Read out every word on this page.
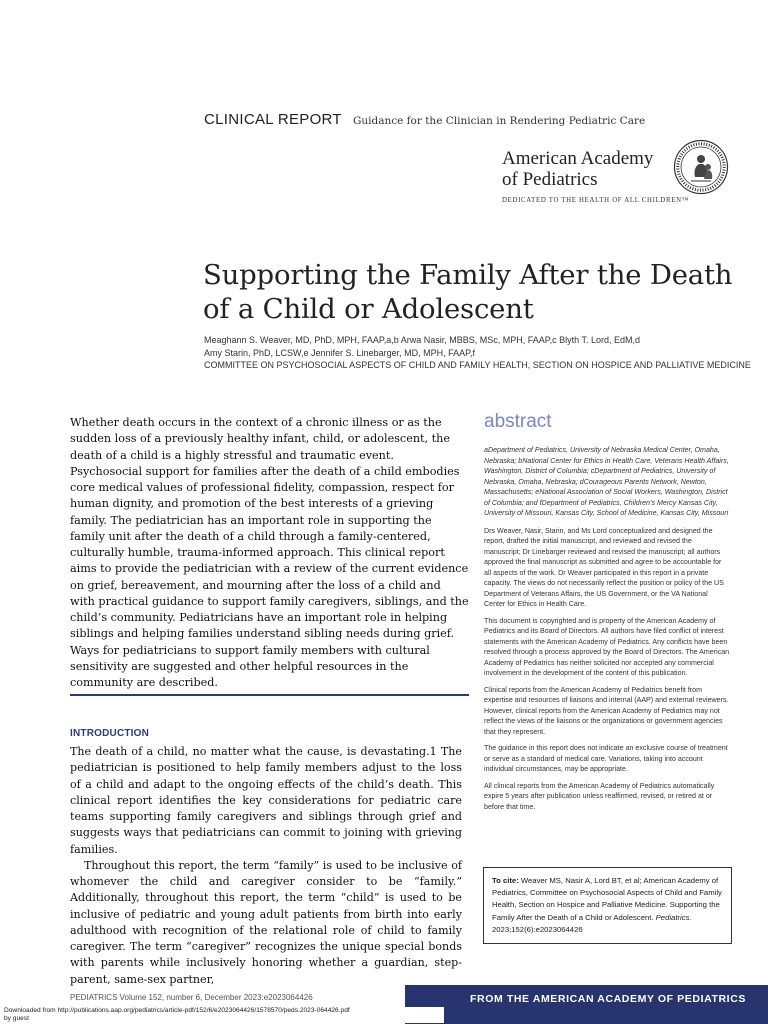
CLINICAL REPORT Guidance for the Clinician in Rendering Pediatric Care
American Academy
of Pediatrics
DEDICATED TO THE HEALTH OF ALL CHILDREN™
Supporting the Family After the Death of a Child or Adolescent

Meaghann S. Weaver, MD, PhD, MPH, FAAP,a,b Arwa Nasir, MBBS, MSc, MPH, FAAP,c Blyth T. Lord, EdM,d

Amy Starin, PhD, LCSW,e Jennifer S. Linebarger, MD, MPH, FAAP,f

COMMITTEE ON PSYCHOSOCIAL ASPECTS OF CHILD AND FAMILY HEALTH, SECTION ON HOSPICE AND PALLIATIVE MEDICINE

Whether death occurs in the context of a chronic illness or as the sudden loss of a previously healthy infant, child, or adolescent, the death of a child is a highly stressful and traumatic event. Psychosocial support for families after the death of a child embodies core medical values of professional fidelity, compassion, respect for human dignity, and promotion of the best interests of a grieving family. The pediatrician has an important role in supporting the family unit after the death of a child through a family-centered, culturally humble, trauma-informed approach. This clinical report aims to provide the pediatrician with a review of the current evidence on grief, bereavement, and mourning after the loss of a child and with practical guidance to support family caregivers, siblings, and the child’s community. Pediatricians have an important role in helping siblings and helping families understand sibling needs during grief. Ways for pediatricians to support family members with cultural sensitivity are suggested and other helpful resources in the community are described.
INTRODUCTION

The death of a child, no matter what the cause, is devastating.1 The pediatrician is positioned to help family members adjust to the loss of a child and adapt to the ongoing effects of the child’s death. This clinical report identifies the key considerations for pediatric care teams supporting family caregivers and siblings through grief and suggests ways that pediatricians can commit to joining with grieving families.

Throughout this report, the term “family” is used to be inclusive of whomever the child and caregiver consider to be “family.” Additionally, throughout this report, the term “child” is used to be inclusive of pediatric and young adult patients from birth into early adulthood with recognition of the relational role of child to family caregiver. The term “caregiver” recognizes the unique special bonds with parents while inclusively honoring whether a guardian, step-parent, same-sex partner,

abstract

aDepartment of Pediatrics, University of Nebraska Medical Center, Omaha, Nebraska; bNational Center for Ethics in Health Care, Veterans Health Affairs, Washington, District of Columbia; cDepartment of Pediatrics, University of Nebraska, Omaha, Nebraska; dCourageous Parents Network, Newton, Massachusetts; eNational Association of Social Workers, Washington, District of Columbia; and fDepartment of Pediatrics, Children’s Mercy Kansas City, University of Missouri, Kansas City, School of Medicine, Kansas City, Missouri

Drs Weaver, Nasir, Starin, and Ms Lord conceptualized and designed the report, drafted the initial manuscript, and reviewed and revised the manuscript; Dr Linebarger reviewed and revised the manuscript; all authors approved the final manuscript as submitted and agree to be accountable for all aspects of the work. Dr Weaver participated in this report in a private capacity. The views do not necessarily reflect the position or policy of the US Department of Veterans Affairs, the US Government, or the VA National Center for Ethics in Health Care.

This document is copyrighted and is property of the American Academy of Pediatrics and its Board of Directors. All authors have filed conflict of interest statements with the American Academy of Pediatrics. Any conflicts have been resolved through a process approved by the Board of Directors. The American Academy of Pediatrics has neither solicited nor accepted any commercial involvement in the development of the content of this publication.

Clinical reports from the American Academy of Pediatrics benefit from expertise and resources of liaisons and internal (AAP) and external reviewers. However, clinical reports from the American Academy of Pediatrics may not reflect the views of the liaisons or the organizations or government agencies that they represent.

The guidance in this report does not indicate an exclusive course of treatment or serve as a standard of medical care. Variations, taking into account individual circumstances, may be appropriate.

All clinical reports from the American Academy of Pediatrics automatically expire 5 years after publication unless reaffirmed, revised, or retired at or before that time.

To cite: Weaver MS, Nasir A, Lord BT, et al; American Academy of Pediatrics, Committee on Psychosocial Aspects of Child and Family Health, Section on Hospice and Palliative Medicine. Supporting the Family After the Death of a Child or Adolescent. Pediatrics. 2023;152(6):e2023064426
PEDIATRICS Volume 152, number 6, December 2023:e2023064426	FROM THE AMERICAN ACADEMY OF PEDIATRICS
Downloaded from http://publications.aap.org/pediatrics/article-pdf/152/6/e2023064426/1578570/peds.2023-064426.pdf
by guest
